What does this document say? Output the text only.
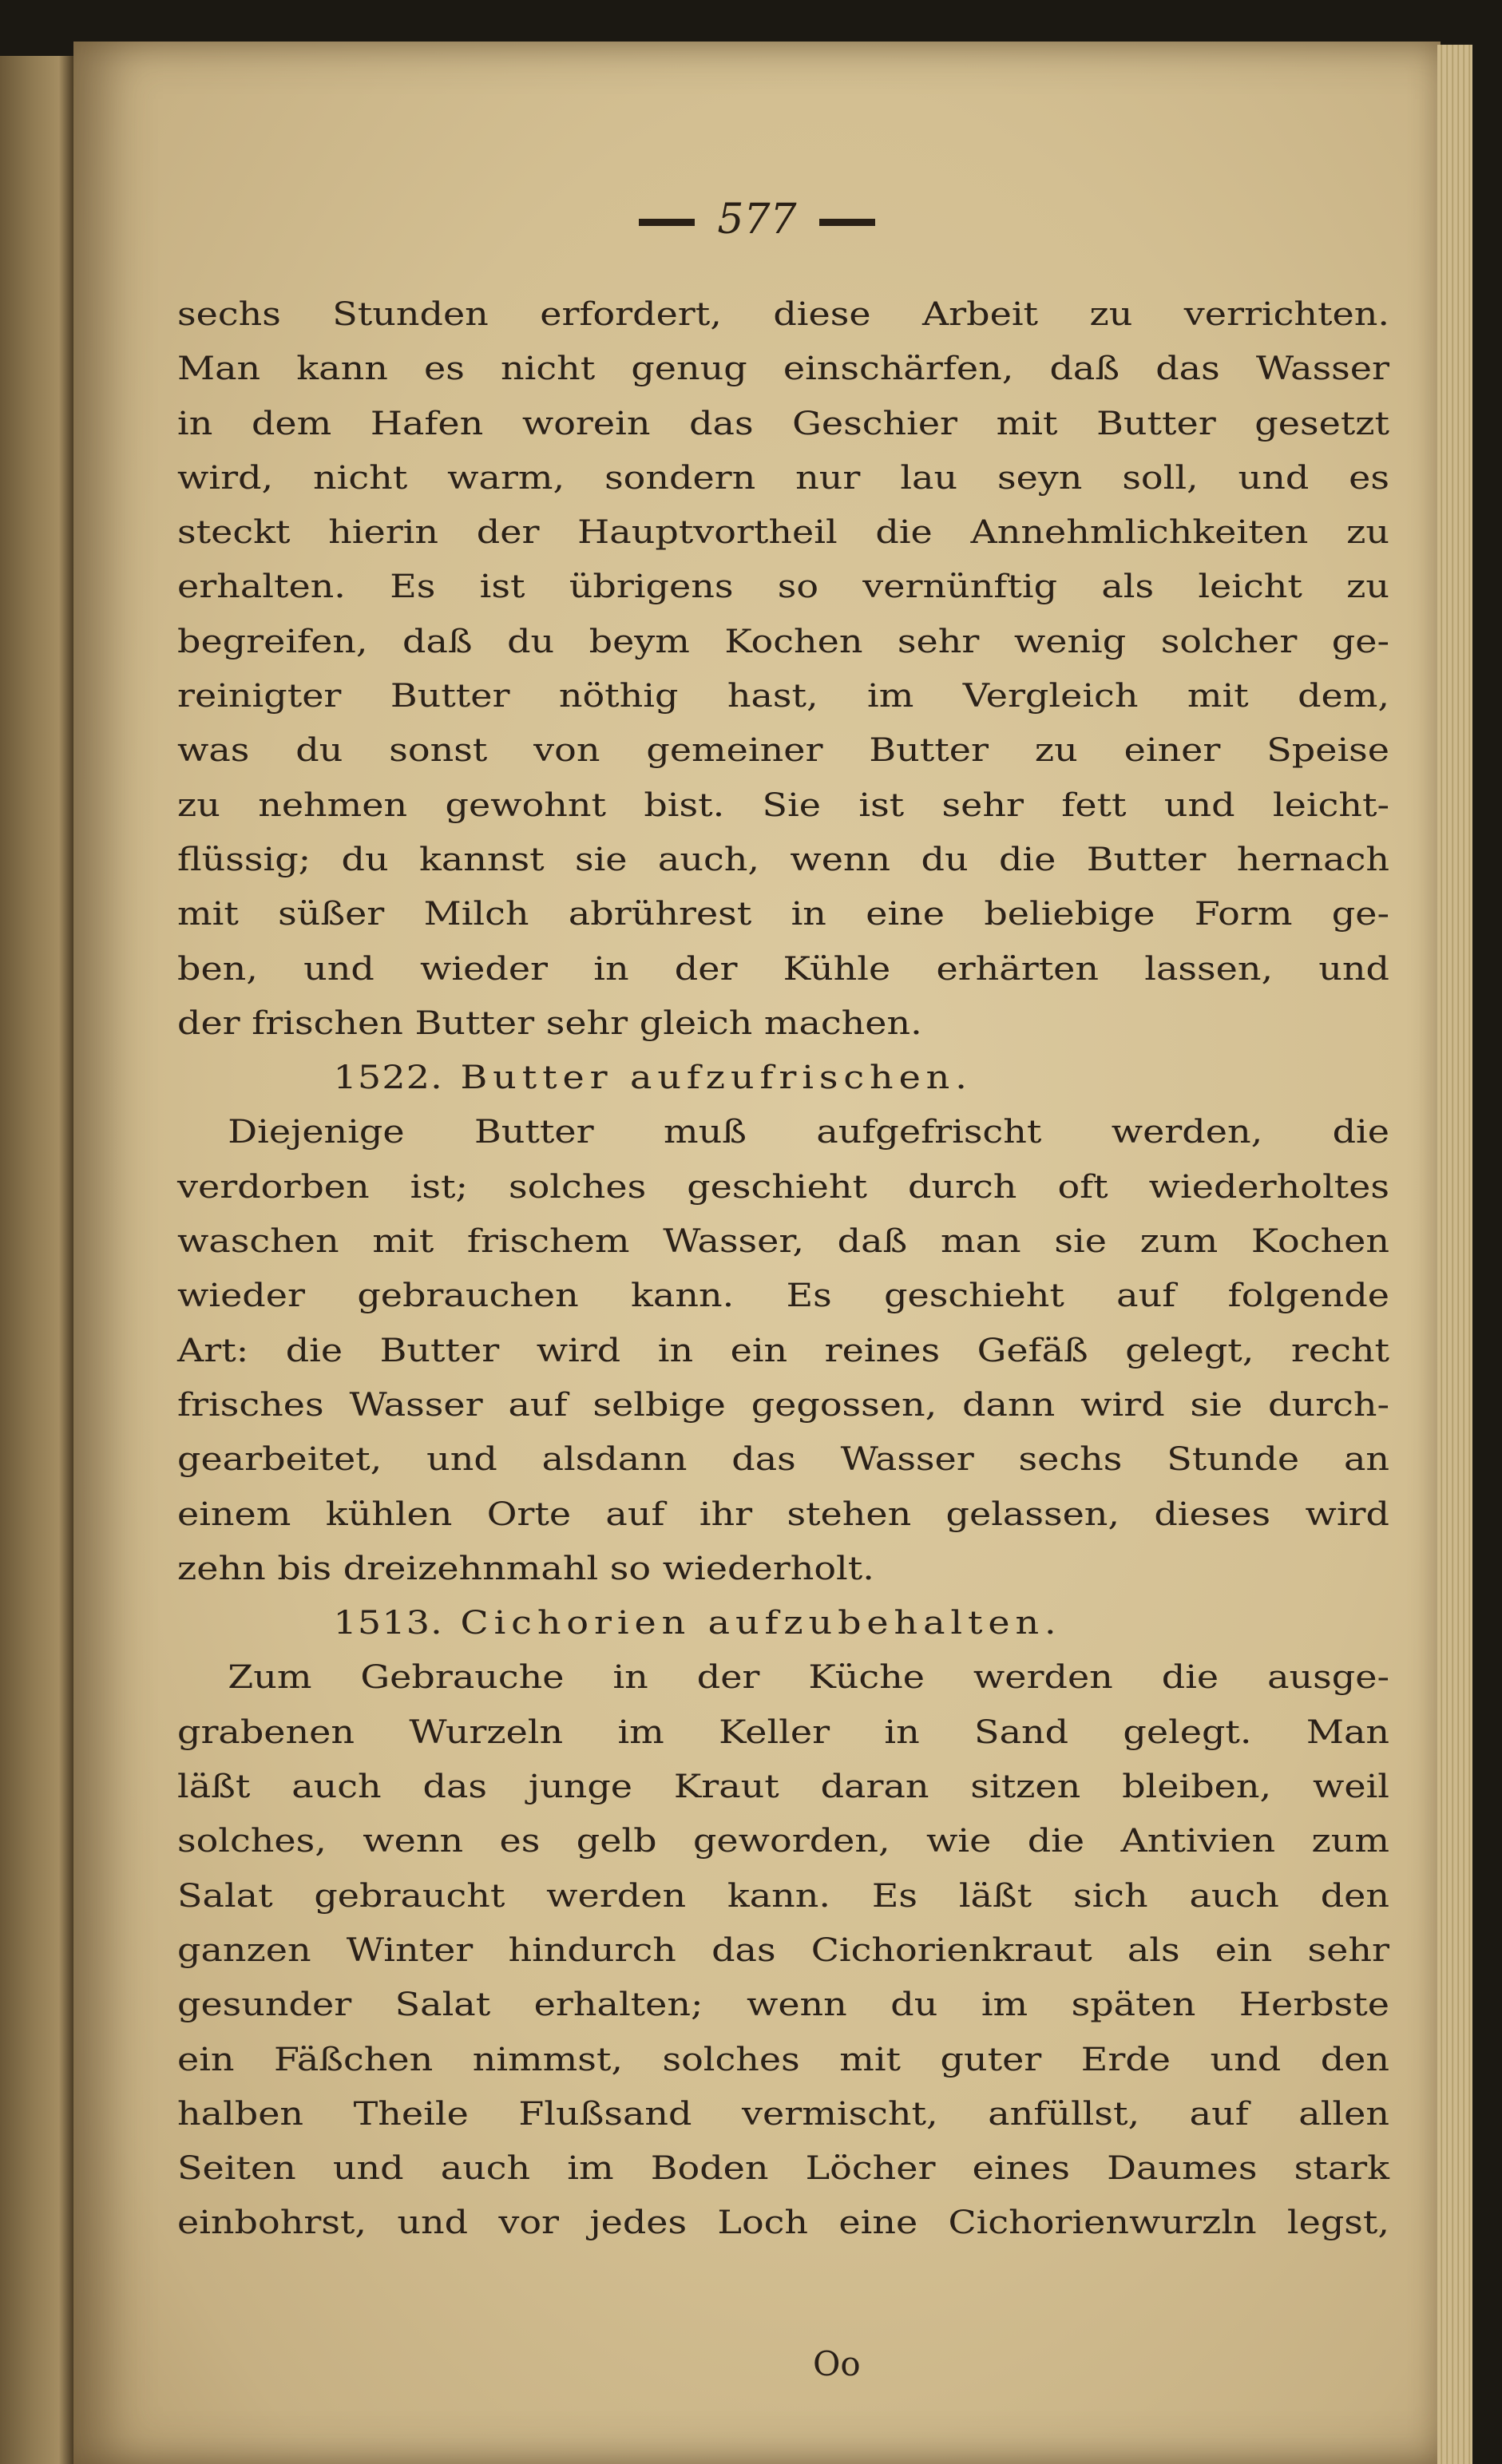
577
sechs Stunden erfordert, diese Arbeit zu verrichten.
Man kann es nicht genug einschärfen, daß das Wasser
in dem Hafen worein das Geschier mit Butter gesetzt
wird, nicht warm, sondern nur lau seyn soll, und es
steckt hierin der Hauptvortheil die Annehmlichkeiten zu
erhalten. Es ist übrigens so vernünftig als leicht zu
begreifen, daß du beym Kochen sehr wenig solcher ge-
reinigter Butter nöthig hast, im Vergleich mit dem,
was du sonst von gemeiner Butter zu einer Speise
zu nehmen gewohnt bist. Sie ist sehr fett und leicht-
flüssig; du kannst sie auch, wenn du die Butter hernach
mit süßer Milch abrührest in eine beliebige Form ge-
ben, und wieder in der Kühle erhärten lassen, und
der frischen Butter sehr gleich machen.
1522. Butter aufzufrischen.
Diejenige Butter muß aufgefrischt werden, die
verdorben ist; solches geschieht durch oft wiederholtes
waschen mit frischem Wasser, daß man sie zum Kochen
wieder gebrauchen kann. Es geschieht auf folgende
Art: die Butter wird in ein reines Gefäß gelegt, recht
frisches Wasser auf selbige gegossen, dann wird sie durch-
gearbeitet, und alsdann das Wasser sechs Stunde an
einem kühlen Orte auf ihr stehen gelassen, dieses wird
zehn bis dreizehnmahl so wiederholt.
1513. Cichorien aufzubehalten.
Zum Gebrauche in der Küche werden die ausge-
grabenen Wurzeln im Keller in Sand gelegt. Man
läßt auch das junge Kraut daran sitzen bleiben, weil
solches, wenn es gelb geworden, wie die Antivien zum
Salat gebraucht werden kann. Es läßt sich auch den
ganzen Winter hindurch das Cichorienkraut als ein sehr
gesunder Salat erhalten; wenn du im späten Herbste
ein Fäßchen nimmst, solches mit guter Erde und den
halben Theile Flußsand vermischt, anfüllst, auf allen
Seiten und auch im Boden Löcher eines Daumes stark
einbohrst, und vor jedes Loch eine Cichorienwurzln legst,
Oo
